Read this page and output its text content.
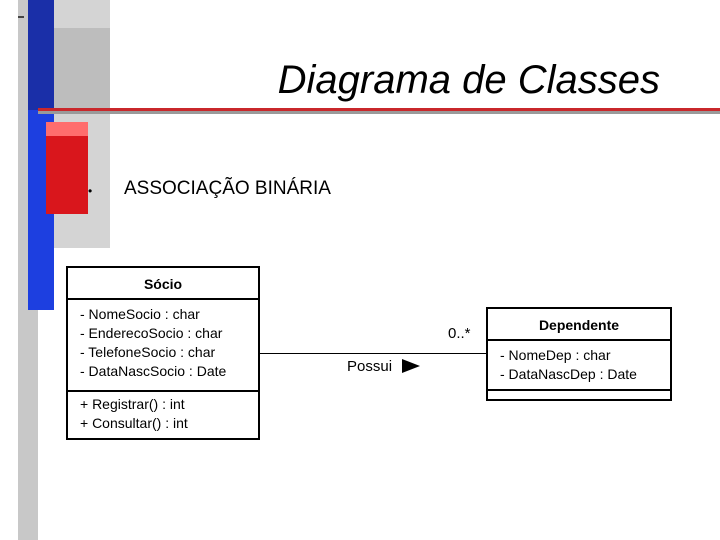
Diagrama de Classes
• ASSOCIAÇÃO BINÁRIA
Sócio
- NomeSocio : char
- EnderecoSocio : char
- TelefoneSocio : char
- DataNascSocio : Date
+ Registrar() : int
+ Consultar() : int
0..*
Possui
Dependente
- NomeDep : char
- DataNascDep : Date
